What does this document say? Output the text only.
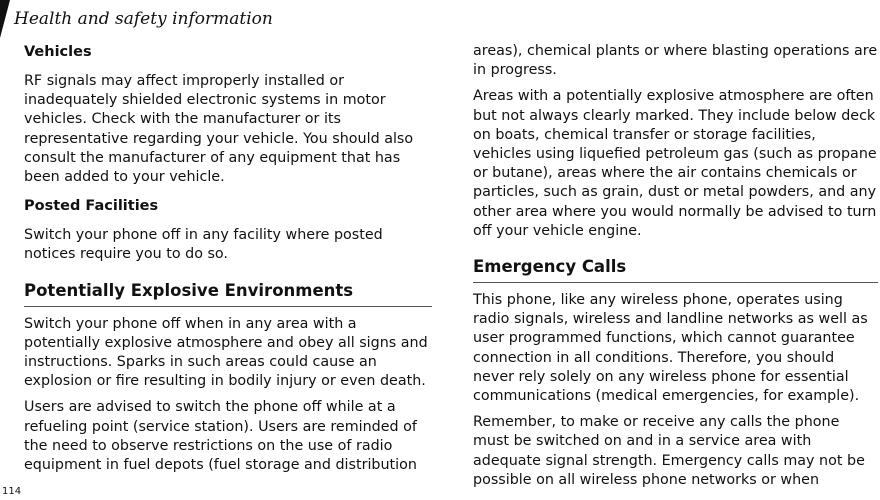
Health and safety information
Vehicles

RF signals may affect improperly installed or inadequately shielded electronic systems in motor vehicles. Check with the manufacturer or its representative regarding your vehicle. You should also consult the manufacturer of any equipment that has been added to your vehicle.

Posted Facilities

Switch your phone off in any facility where posted notices require you to do so.

Potentially Explosive Environments

Switch your phone off when in any area with a potentially explosive atmosphere and obey all signs and instructions. Sparks in such areas could cause an explosion or fire resulting in bodily injury or even death.

Users are advised to switch the phone off while at a refueling point (service station). Users are reminded of the need to observe restrictions on the use of radio equipment in fuel depots (fuel storage and distribution

areas), chemical plants or where blasting operations are in progress.

Areas with a potentially explosive atmosphere are often but not always clearly marked. They include below deck on boats, chemical transfer or storage facilities, vehicles using liquefied petroleum gas (such as propane or butane), areas where the air contains chemicals or particles, such as grain, dust or metal powders, and any other area where you would normally be advised to turn off your vehicle engine.

Emergency Calls

This phone, like any wireless phone, operates using radio signals, wireless and landline networks as well as user programmed functions, which cannot guarantee connection in all conditions. Therefore, you should never rely solely on any wireless phone for essential communications (medical emergencies, for example).

Remember, to make or receive any calls the phone must be switched on and in a service area with adequate signal strength. Emergency calls may not be possible on all wireless phone networks or when

114
